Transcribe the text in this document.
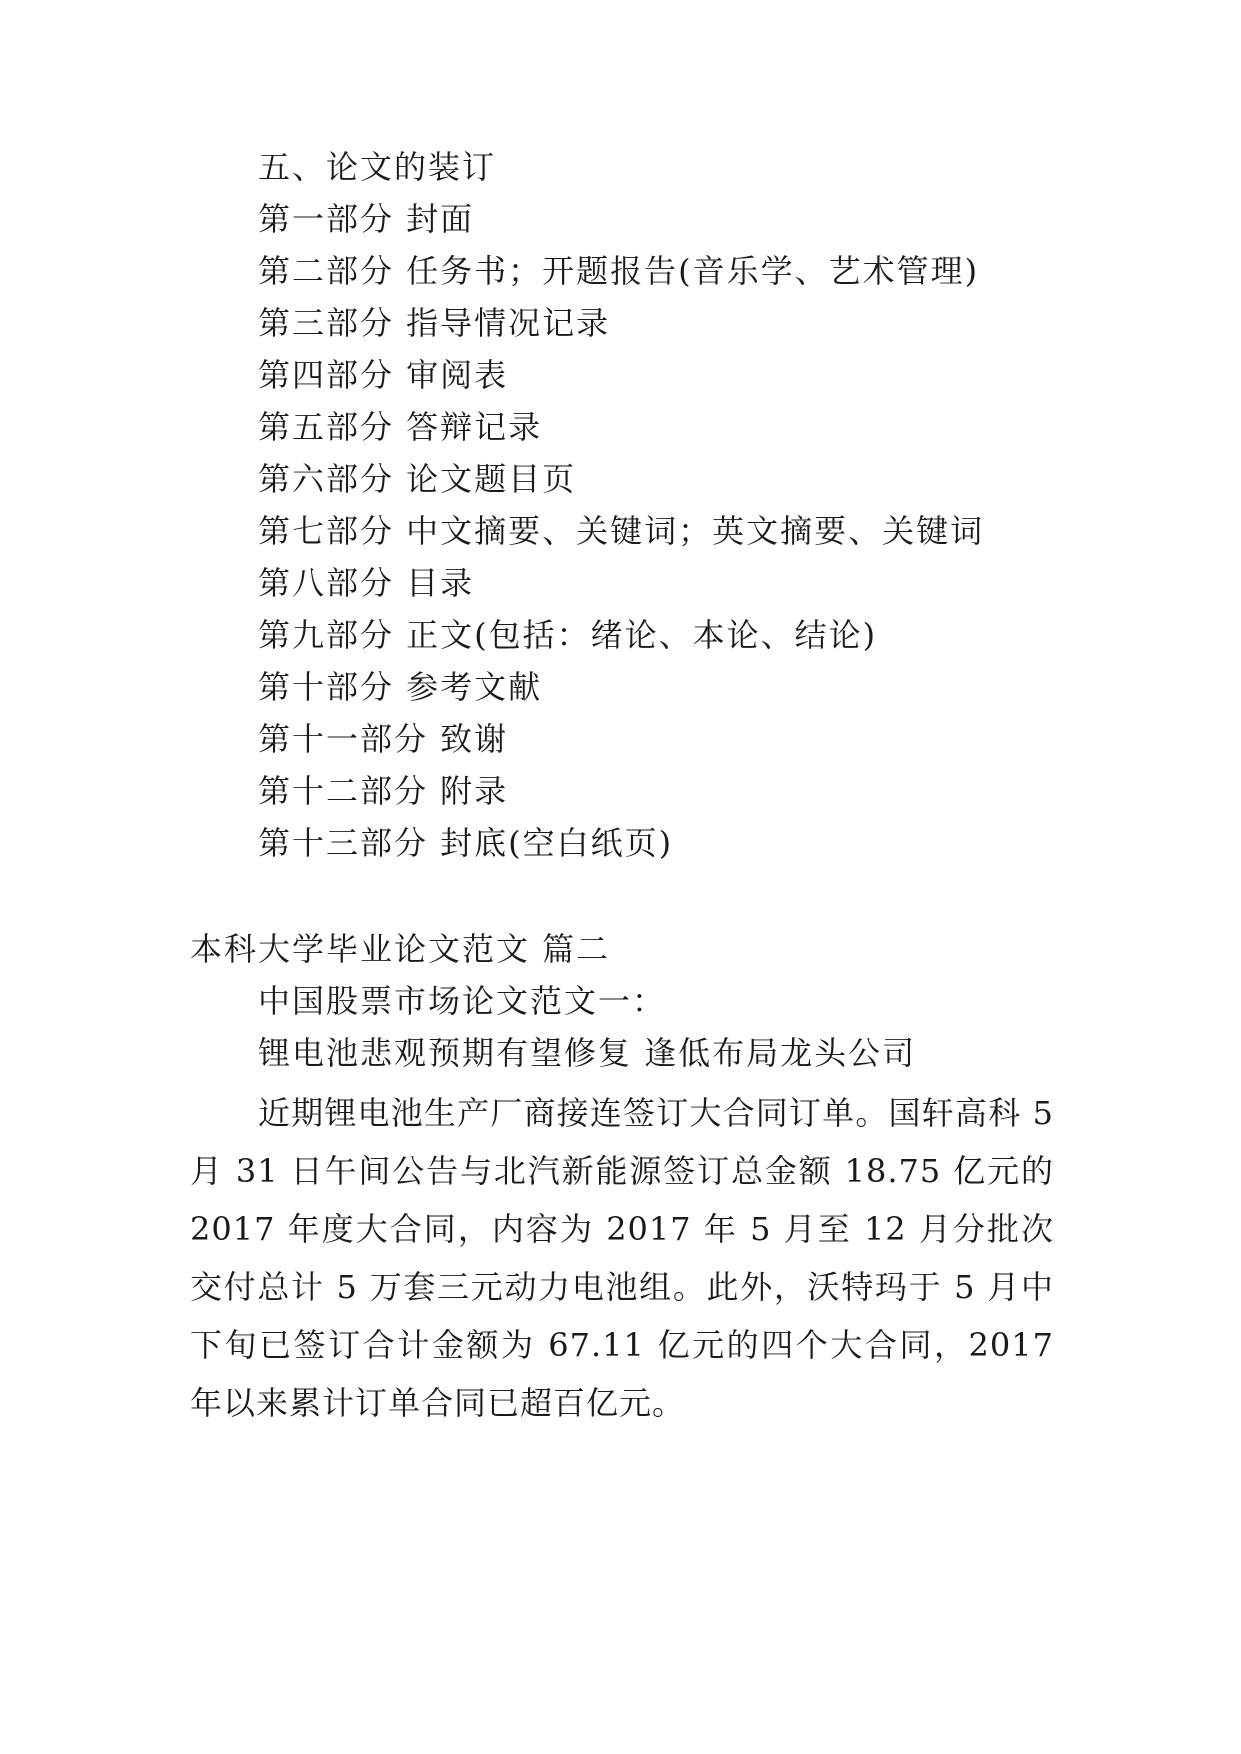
五、论文的装订
第一部分 封面
第二部分 任务书；开题报告(音乐学、艺术管理)
第三部分 指导情况记录
第四部分 审阅表
第五部分 答辩记录
第六部分 论文题目页
第七部分 中文摘要、关键词；英文摘要、关键词
第八部分 目录
第九部分 正文(包括：绪论、本论、结论)
第十部分 参考文献
第十一部分 致谢
第十二部分 附录
第十三部分 封底(空白纸页)
本科大学毕业论文范文 篇二
中国股票市场论文范文一：
锂电池悲观预期有望修复 逢低布局龙头公司
近期锂电池生产厂商接连签订大合同订单。国轩高科 5 月 31 日午间公告与北汽新能源签订总金额 18.75 亿元的 2017 年度大合同，内容为 2017 年 5 月至 12 月分批次交付总计 5 万套三元动力电池组。此外，沃特玛于 5 月中下旬已签订合计金额为 67.11 亿元的四个大合同，2017 年以来累计订单合同已超百亿元。
